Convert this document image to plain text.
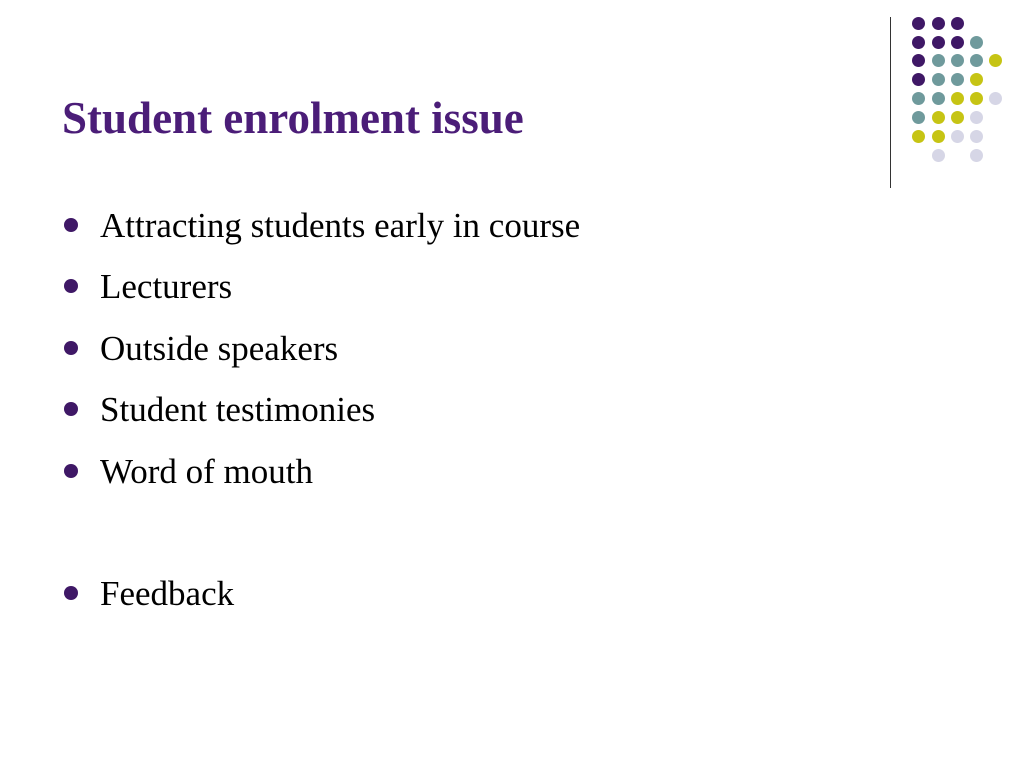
Student enrolment issue
Attracting students early in course
Lecturers
Outside speakers
Student testimonies
Word of mouth
Feedback
